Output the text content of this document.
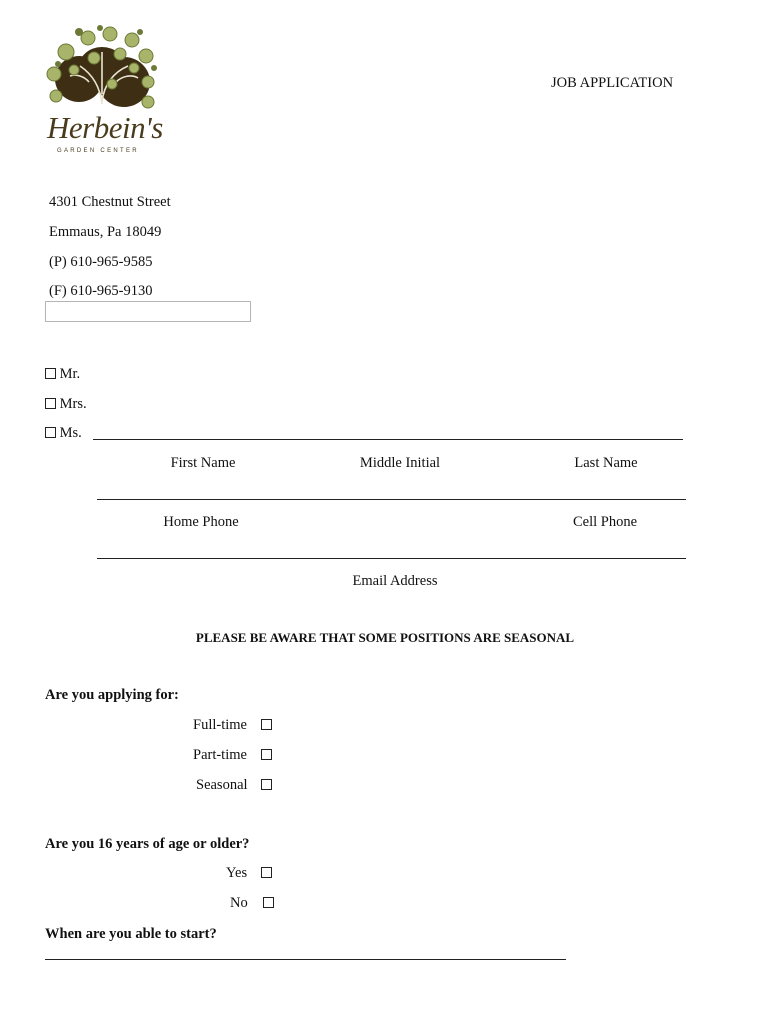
Herbein's
GARDEN CENTER
JOB APPLICATION
4301 Chestnut Street
Emmaus, Pa 18049
(P) 610-965-9585
(F) 610-965-9130
Mr.
Mrs.
Ms.
First Name	Middle Initial	Last Name
Home Phone	Cell Phone
Email Address
PLEASE BE AWARE THAT SOME POSITIONS ARE SEASONAL
Are you applying for:
Full-time
Part-time
Seasonal
Are you 16 years of age or older?
Yes
No
When are you able to start?
